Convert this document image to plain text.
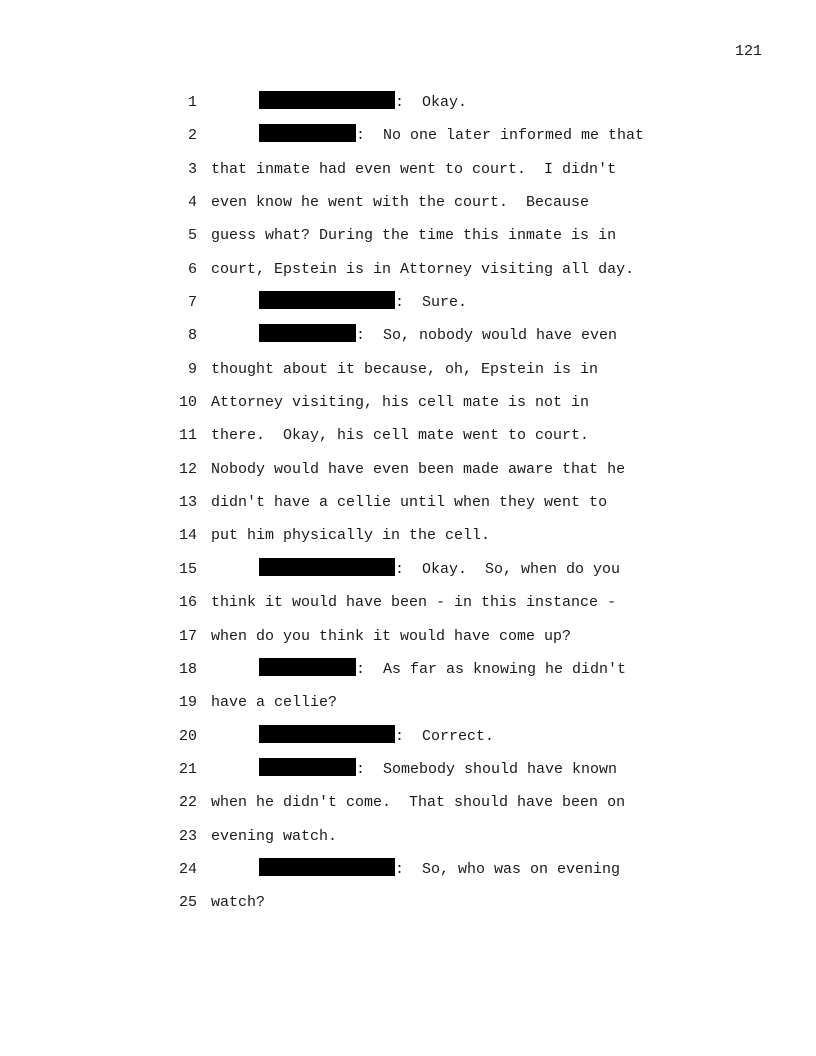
121
1	:  Okay.
2	:  No one later informed me that
3 that inmate had even went to court.  I didn't
4 even know he went with the court.  Because
5 guess what? During the time this inmate is in
6 court, Epstein is in Attorney visiting all day.
7	:  Sure.
8	:  So, nobody would have even
9 thought about it because, oh, Epstein is in
10 Attorney visiting, his cell mate is not in
11 there.  Okay, his cell mate went to court.
12 Nobody would have even been made aware that he
13 didn't have a cellie until when they went to
14 put him physically in the cell.
15	:  Okay.  So, when do you
16 think it would have been - in this instance -
17 when do you think it would have come up?
18	:  As far as knowing he didn't
19 have a cellie?
20	:  Correct.
21	:  Somebody should have known
22 when he didn't come.  That should have been on
23 evening watch.
24	:  So, who was on evening
25 watch?
